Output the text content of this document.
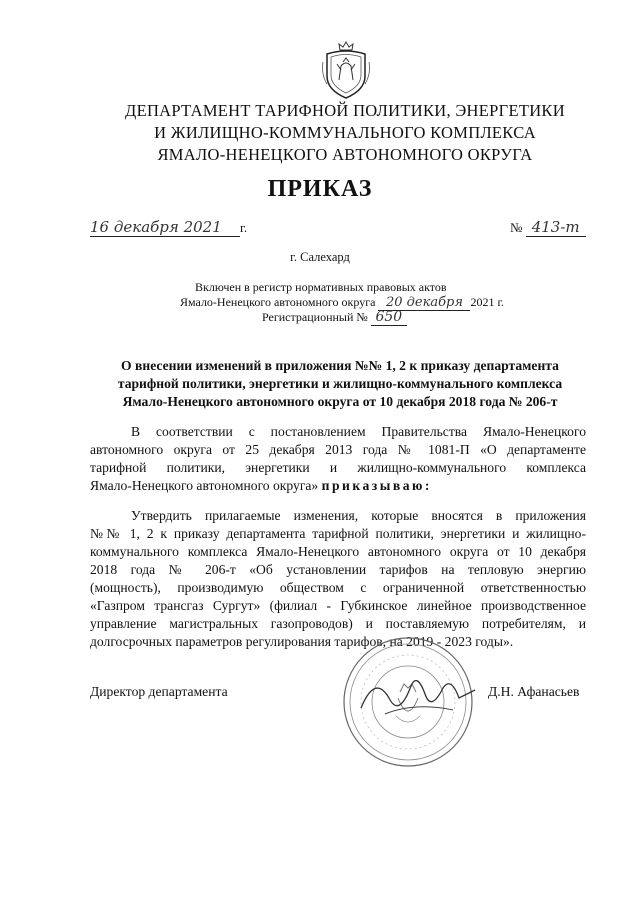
ДЕПАРТАМЕНТ ТАРИФНОЙ ПОЛИТИКИ, ЭНЕРГЕТИКИ
И ЖИЛИЩНО-КОММУНАЛЬНОГО КОМПЛЕКСА
ЯМАЛО-НЕНЕЦКОГО АВТОНОМНОГО ОКРУГА
ПРИКАЗ
16 декабря 2021 г.	№ 413-т
г. Салехард
Включен в регистр нормативных правовых актов
Ямало-Ненецкого автономного округа 20 декабря 2021 г.
Регистрационный № 650
О внесении изменений в приложения №№ 1, 2 к приказу департамента
тарифной политики, энергетики и жилищно-коммунального комплекса
Ямало-Ненецкого автономного округа от 10 декабря 2018 года № 206-т
В соответствии с постановлением Правительства Ямало-Ненецкого
автономного округа от 25 декабря 2013 года № 1081-П «О департаменте
тарифной политики, энергетики и жилищно-коммунального комплекса
Ямало-Ненецкого автономного округа» приказываю:
Утвердить прилагаемые изменения, которые вносятся в приложения
№№ 1, 2 к приказу департамента тарифной политики, энергетики и жилищно-
коммунального комплекса Ямало-Ненецкого автономного округа от 10 декабря
2018 года № 206-т «Об установлении тарифов на тепловую энергию
(мощность), производимую обществом с ограниченной ответственностью
«Газпром трансгаз Сургут» (филиал - Губкинское линейное производственное
управление магистральных газопроводов) и поставляемую потребителям, и
долгосрочных параметров регулирования тарифов, на 2019 - 2023 годы».
Директор департамента	Д.Н. Афанасьев
